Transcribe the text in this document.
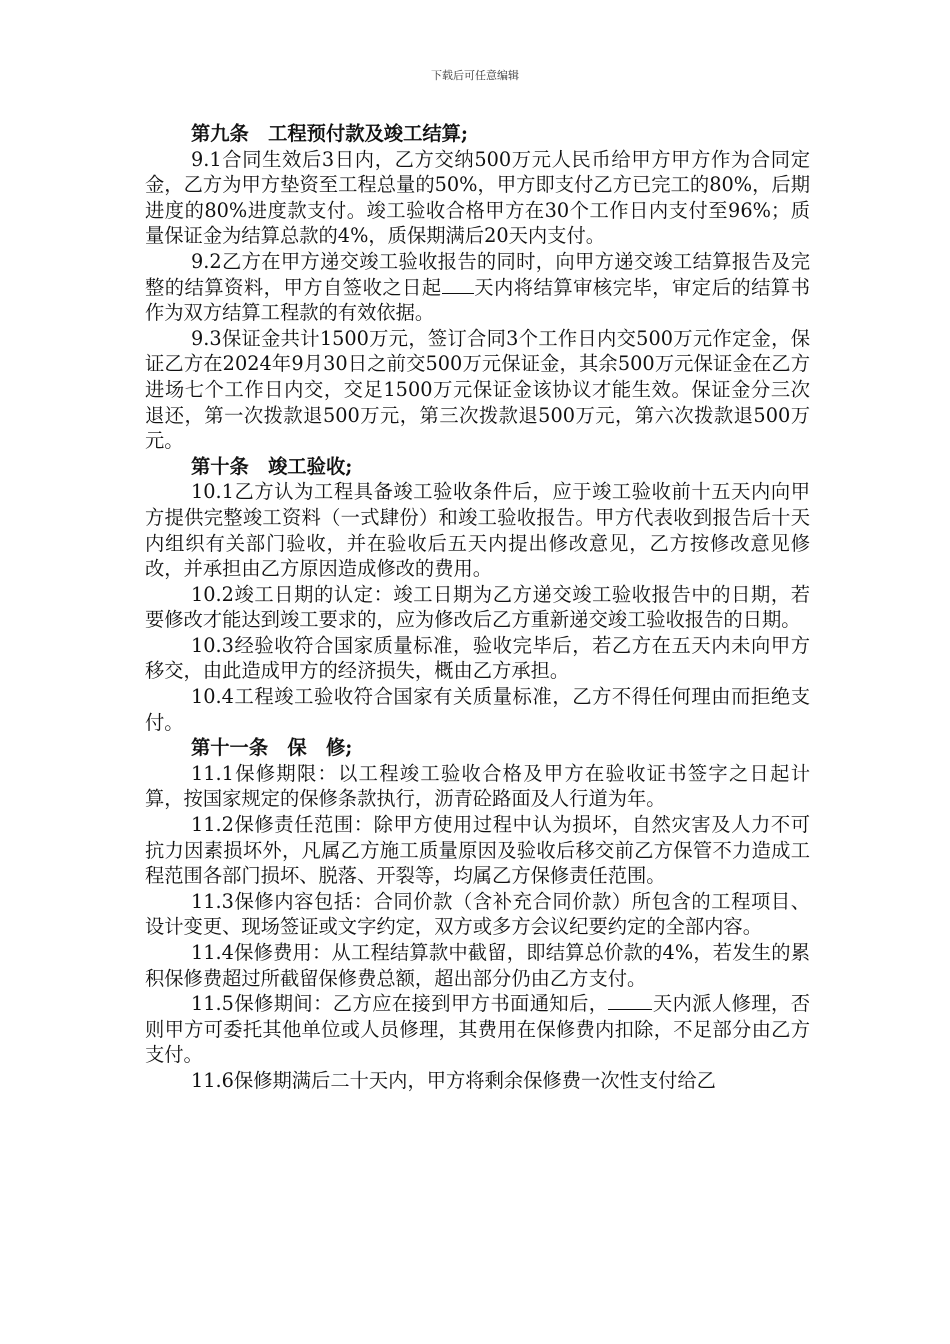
下载后可任意编辑

第九条　工程预付款及竣工结算;

9.1合同生效后3日内，乙方交纳500万元人民币给甲方甲方作为合同定金，乙方为甲方垫资至工程总量的50%，甲方即支付乙方已完工的80%，后期进度的80%进度款支付。竣工验收合格甲方在30个工作日内支付至96%；质量保证金为结算总款的4%，质保期满后20天内支付。

9.2乙方在甲方递交竣工验收报告的同时，向甲方递交竣工结算报告及完整的结算资料，甲方自签收之日起 天内将结算审核完毕，审定后的结算书作为双方结算工程款的有效依据。

9.3保证金共计1500万元，签订合同3个工作日内交500万元作定金，保证乙方在2024年9月30日之前交500万元保证金，其余500万元保证金在乙方进场七个工作日内交，交足1500万元保证金该协议才能生效。保证金分三次退还，第一次拨款退500万元，第三次拨款退500万元，第六次拨款退500万元。

第十条　竣工验收;

10.1乙方认为工程具备竣工验收条件后，应于竣工验收前十五天内向甲方提供完整竣工资料（一式肆份）和竣工验收报告。甲方代表收到报告后十天内组织有关部门验收，并在验收后五天内提出修改意见，乙方按修改意见修改，并承担由乙方原因造成修改的费用。

10.2竣工日期的认定：竣工日期为乙方递交竣工验收报告中的日期，若要修改才能达到竣工要求的，应为修改后乙方重新递交竣工验收报告的日期。

10.3经验收符合国家质量标准，验收完毕后，若乙方在五天内未向甲方移交，由此造成甲方的经济损失，概由乙方承担。

10.4工程竣工验收符合国家有关质量标准，乙方不得任何理由而拒绝支付。

第十一条　保　修;

11.1保修期限：以工程竣工验收合格及甲方在验收证书签字之日起计算，按国家规定的保修条款执行，沥青砼路面及人行道为年。

11.2保修责任范围：除甲方使用过程中认为损坏，自然灾害及人力不可抗力因素损坏外，凡属乙方施工质量原因及验收后移交前乙方保管不力造成工程范围各部门损坏、脱落、开裂等，均属乙方保修责任范围。

11.3保修内容包括：合同价款（含补充合同价款）所包含的工程项目、设计变更、现场签证或文字约定，双方或多方会议纪要约定的全部内容。

11.4保修费用：从工程结算款中截留，即结算总价款的4%，若发生的累积保修费超过所截留保修费总额，超出部分仍由乙方支付。

11.5保修期间：乙方应在接到甲方书面通知后， 天内派人修理，否则甲方可委托其他单位或人员修理，其费用在保修费内扣除，不足部分由乙方支付。

11.6保修期满后二十天内，甲方将剩余保修费一次性支付给乙
